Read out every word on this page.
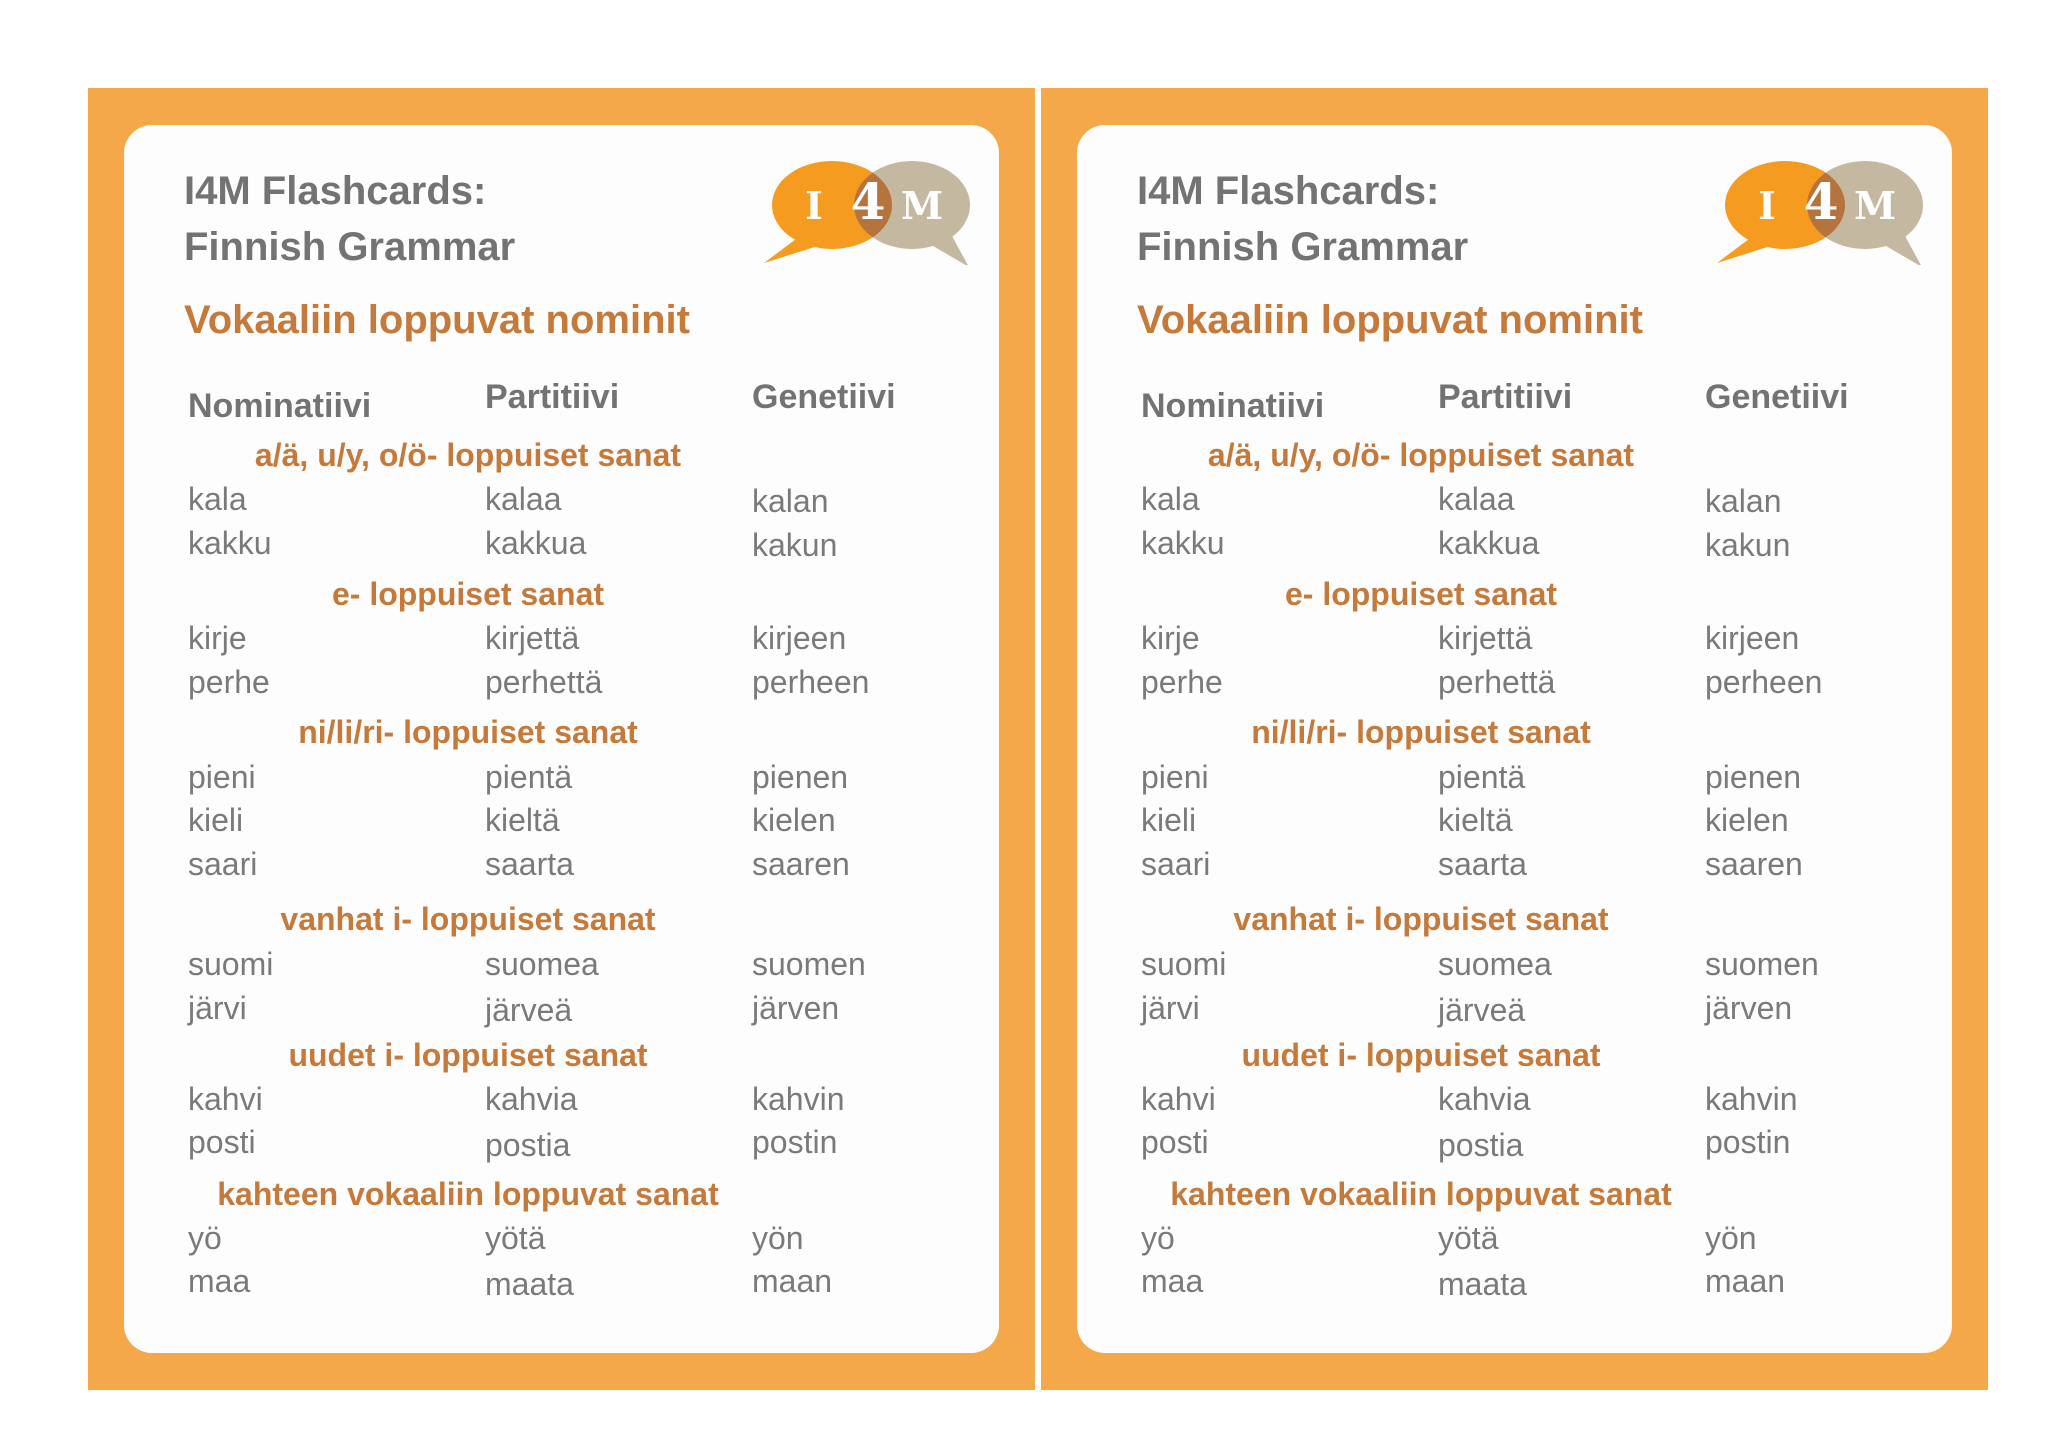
I4M Flashcards:
Finnish Grammar
I 4 M
Vokaaliin loppuvat nominit
Nominatiivi	Partitiivi	Genetiivi
a/ä, u/y, o/ö- loppuiset sanat
kala	kalaa	kalan
kakku	kakkua	kakun
e- loppuiset sanat
kirje	kirjettä	kirjeen
perhe	perhettä	perheen
ni/li/ri- loppuiset sanat
pieni	pientä	pienen
kieli	kieltä	kielen
saari	saarta	saaren
vanhat i- loppuiset sanat
suomi	suomea	suomen
järvi	järveä	järven
uudet i- loppuiset sanat
kahvi	kahvia	kahvin
posti	postia	postin
kahteen vokaaliin loppuvat sanat
yö	yötä	yön
maa	maata	maan
I4M Flashcards:
Finnish Grammar
I 4 M
Vokaaliin loppuvat nominit
Nominatiivi	Partitiivi	Genetiivi
a/ä, u/y, o/ö- loppuiset sanat
kala	kalaa	kalan
kakku	kakkua	kakun
e- loppuiset sanat
kirje	kirjettä	kirjeen
perhe	perhettä	perheen
ni/li/ri- loppuiset sanat
pieni	pientä	pienen
kieli	kieltä	kielen
saari	saarta	saaren
vanhat i- loppuiset sanat
suomi	suomea	suomen
järvi	järveä	järven
uudet i- loppuiset sanat
kahvi	kahvia	kahvin
posti	postia	postin
kahteen vokaaliin loppuvat sanat
yö	yötä	yön
maa	maata	maan
